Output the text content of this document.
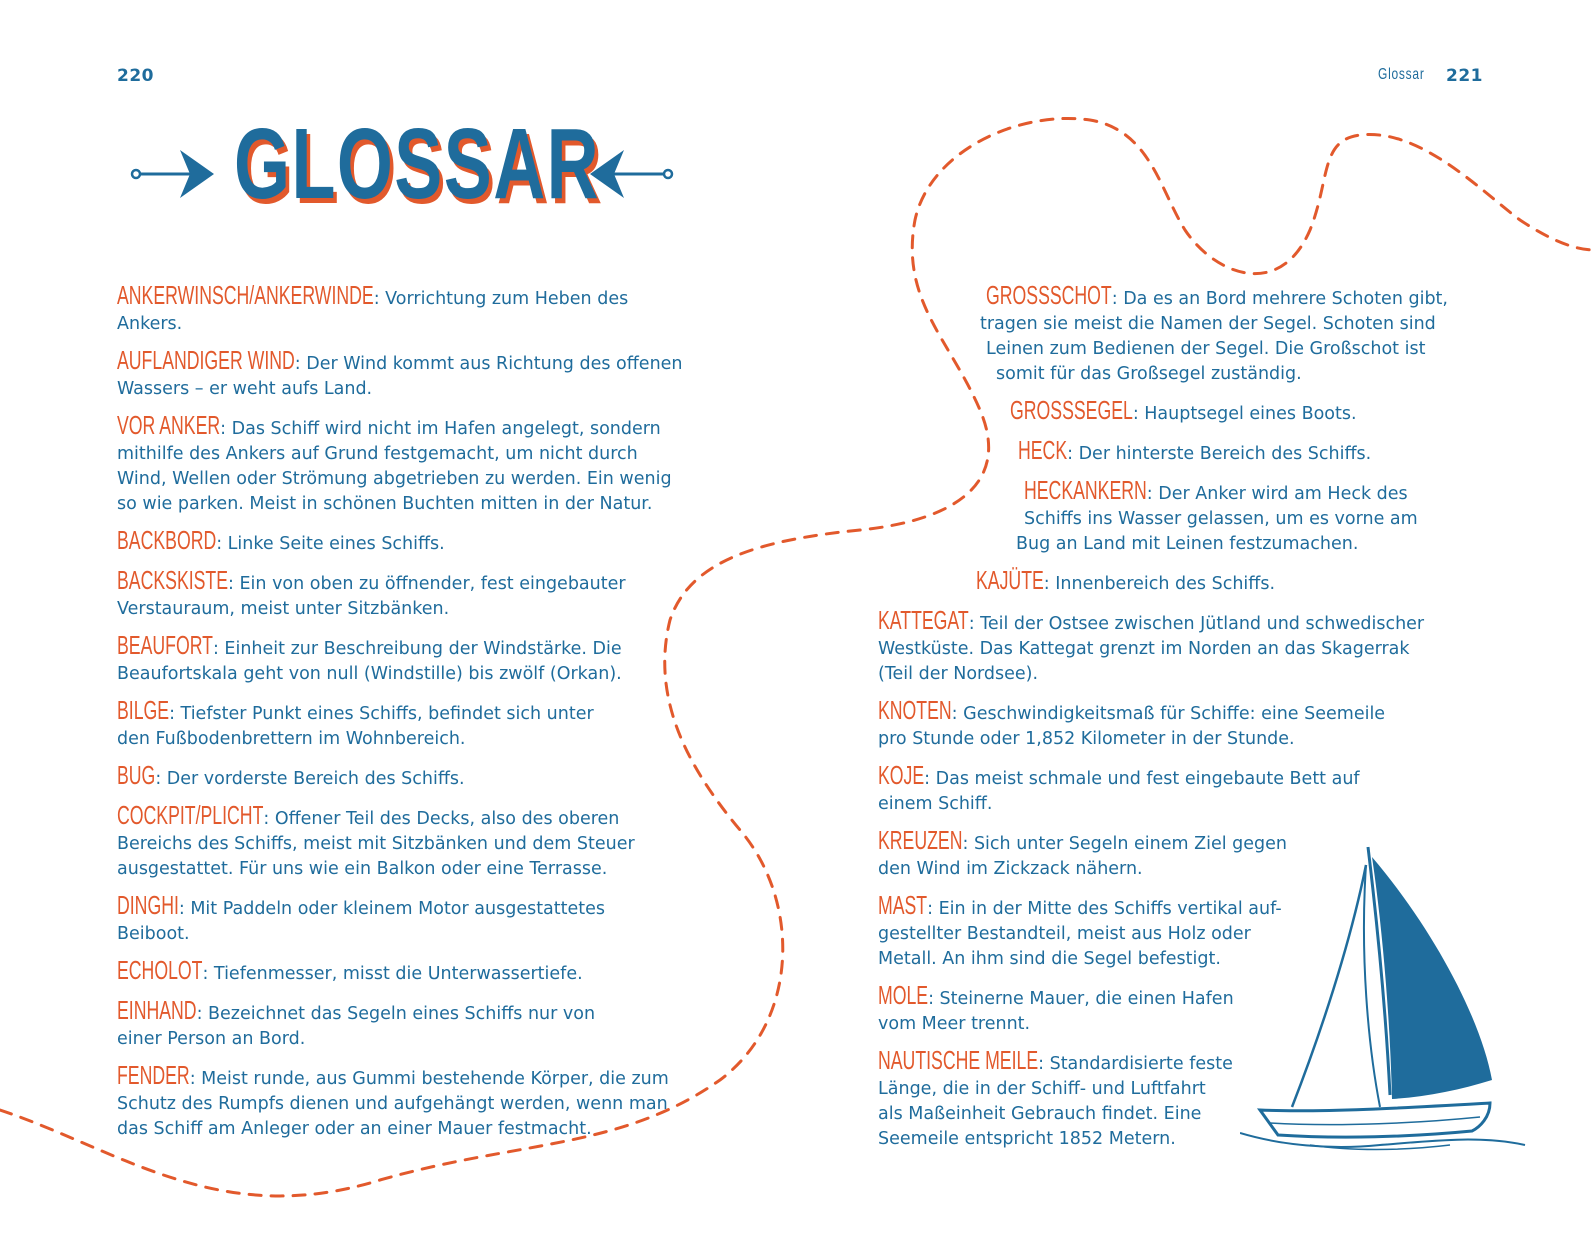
220	Glossar 221
GLOSSAR
ANKERWINSCH/ANKERWINDE: Vorrichtung zum Heben des
Ankers.
AUFLANDIGER WIND: Der Wind kommt aus Richtung des offenen
Wassers – er weht aufs Land.
VOR ANKER: Das Schiff wird nicht im Hafen angelegt, sondern
mithilfe des Ankers auf Grund festgemacht, um nicht durch
Wind, Wellen oder Strömung abgetrieben zu werden. Ein wenig
so wie parken. Meist in schönen Buchten mitten in der Natur.
BACKBORD: Linke Seite eines Schiffs.
BACKSKISTE: Ein von oben zu öffnender, fest eingebauter
Verstauraum, meist unter Sitzbänken.
BEAUFORT: Einheit zur Beschreibung der Windstärke. Die
Beaufortskala geht von null (Windstille) bis zwölf (Orkan).
BILGE: Tiefster Punkt eines Schiffs, befindet sich unter
den Fußbodenbrettern im Wohnbereich.
BUG: Der vorderste Bereich des Schiffs.
COCKPIT/PLICHT: Offener Teil des Decks, also des oberen
Bereichs des Schiffs, meist mit Sitzbänken und dem Steuer
ausgestattet. Für uns wie ein Balkon oder eine Terrasse.
DINGHI: Mit Paddeln oder kleinem Motor ausgestattetes
Beiboot.
ECHOLOT: Tiefenmesser, misst die Unterwassertiefe.
EINHAND: Bezeichnet das Segeln eines Schiffs nur von
einer Person an Bord.
FENDER: Meist runde, aus Gummi bestehende Körper, die zum
Schutz des Rumpfs dienen und aufgehängt werden, wenn man
das Schiff am Anleger oder an einer Mauer festmacht.
GROSSSCHOT: Da es an Bord mehrere Schoten gibt,
tragen sie meist die Namen der Segel. Schoten sind
Leinen zum Bedienen der Segel. Die Großschot ist
somit für das Großsegel zuständig.
GROSSSEGEL: Hauptsegel eines Boots.
HECK: Der hinterste Bereich des Schiffs.
HECKANKERN: Der Anker wird am Heck des
Schiffs ins Wasser gelassen, um es vorne am
Bug an Land mit Leinen festzumachen.
KAJÜTE: Innenbereich des Schiffs.
KATTEGAT: Teil der Ostsee zwischen Jütland und schwedischer
Westküste. Das Kattegat grenzt im Norden an das Skagerrak
(Teil der Nordsee).
KNOTEN: Geschwindigkeitsmaß für Schiffe: eine Seemeile
pro Stunde oder 1,852 Kilometer in der Stunde.
KOJE: Das meist schmale und fest eingebaute Bett auf
einem Schiff.
KREUZEN: Sich unter Segeln einem Ziel gegen
den Wind im Zickzack nähern.
MAST: Ein in der Mitte des Schiffs vertikal auf-
gestellter Bestandteil, meist aus Holz oder
Metall. An ihm sind die Segel befestigt.
MOLE: Steinerne Mauer, die einen Hafen
vom Meer trennt.
NAUTISCHE MEILE: Standardisierte feste
Länge, die in der Schiff- und Luftfahrt
als Maßeinheit Gebrauch findet. Eine
Seemeile entspricht 1852 Metern.
